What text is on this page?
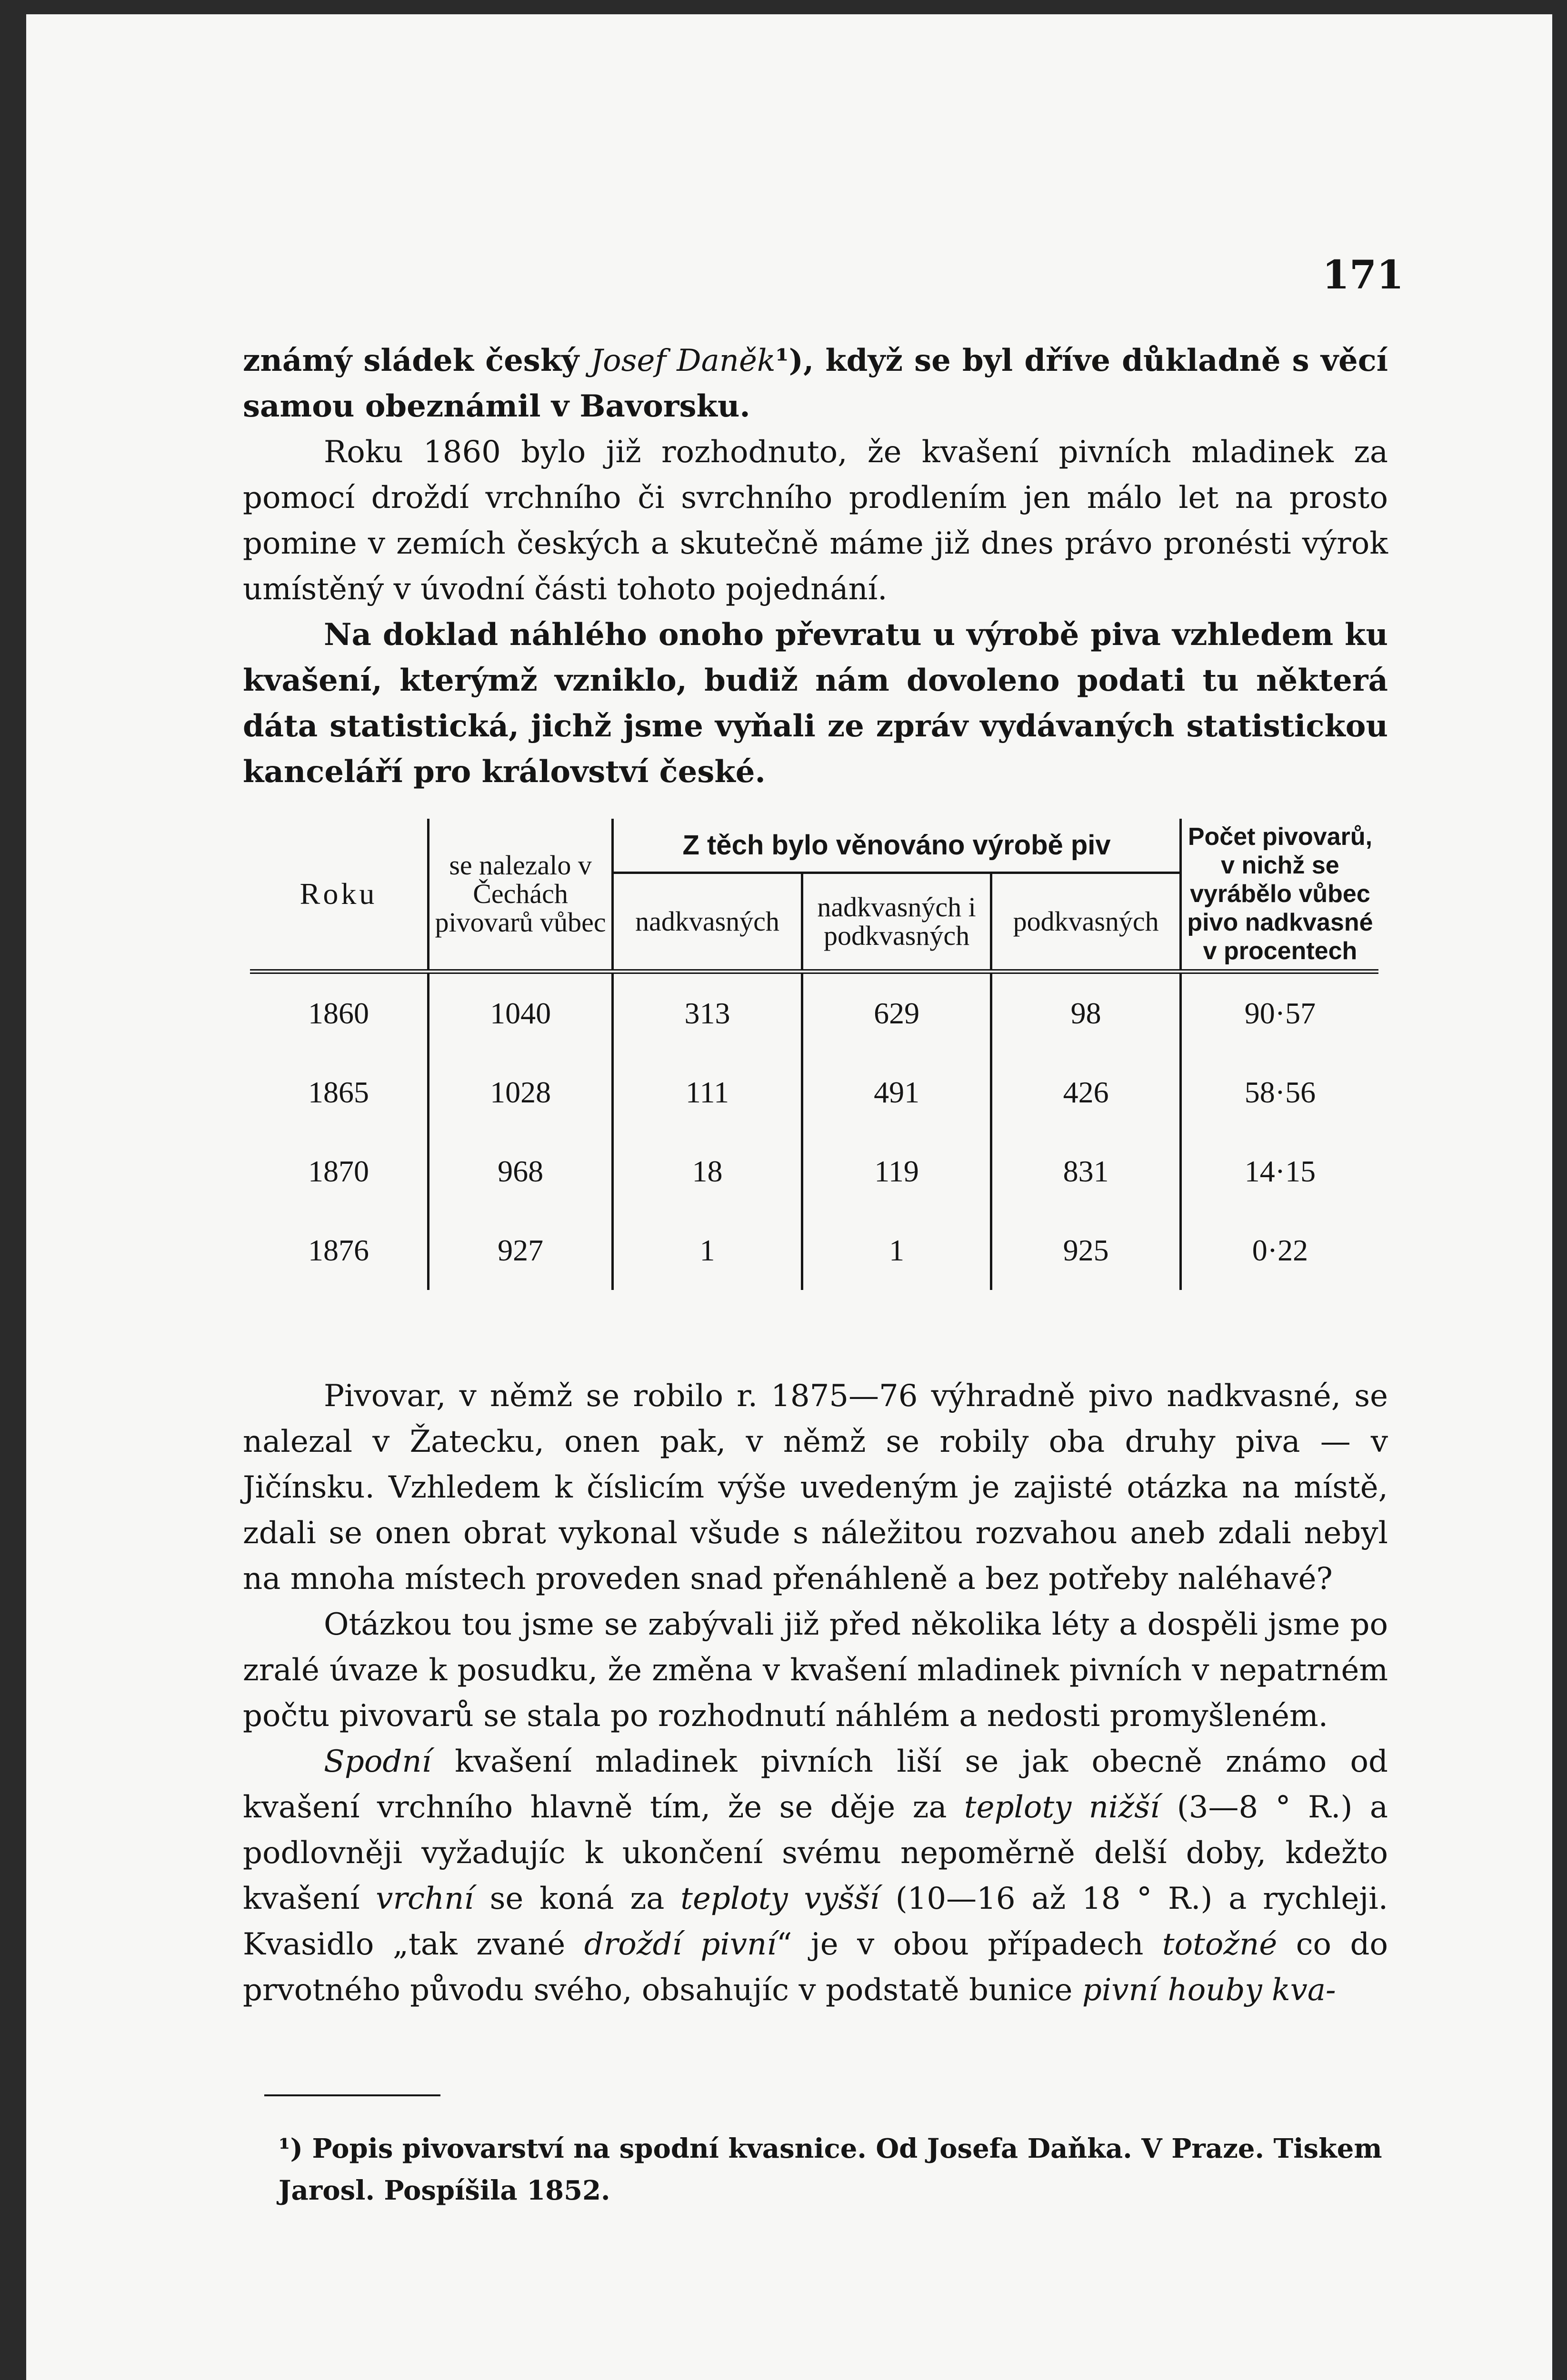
171

známý sládek český Josef Daněk¹), když se byl dříve důkladně s věcí samou obeznámil v Bavorsku.

Roku 1860 bylo již rozhodnuto, že kvašení pivních mladinek za pomocí droždí vrchního či svrchního prodlením jen málo let na prosto pomine v zemích českých a skutečně máme již dnes právo pronésti výrok umístěný v úvodní části tohoto pojednání.

Na doklad náhlého onoho převratu u výrobě piva vzhledem ku kvašení, kterýmž vzniklo, budiž nám dovoleno podati tu některá dáta statistická, jichž jsme vyňali ze zpráv vydávaných statistickou kanceláří pro království české.

Roku	se nalezalo v Čechách pivovarů vůbec	Z těch bylo věnováno výrobě piv			Počet pivovarů, v nichž se vyrábělo vůbec pivo nadkvasné v procentech
		nadkvasných	nadkvasných i podkvasných	podkvasných	
1860	1040	313	629	98	90·57
1865	1028	111	491	426	58·56
1870	968	18	119	831	14·15
1876	927	1	1	925	0·22

Pivovar, v němž se robilo r. 1875—76 výhradně pivo nadkvasné, se nalezal v Žatecku, onen pak, v němž se robily oba druhy piva — v Jičínsku. Vzhledem k číslicím výše uvedeným je zajisté otázka na místě, zdali se onen obrat vykonal všude s náležitou rozvahou aneb zdali nebyl na mnoha místech proveden snad přenáhleně a bez potřeby naléhavé?

Otázkou tou jsme se zabývali již před několika léty a dospěli jsme po zralé úvaze k posudku, že změna v kvašení mladinek pivních v nepatrném počtu pivovarů se stala po rozhodnutí náhlém a nedosti promyšleném.

Spodní kvašení mladinek pivních liší se jak obecně známo od kvašení vrchního hlavně tím, že se děje za teploty nižší (3—8 ° R.) a podlovněji vyžadujíc k ukončení svému nepoměrně delší doby, kdežto kvašení vrchní se koná za teploty vyšší (10—16 až 18 ° R.) a rychleji. Kvasidlo „tak zvané droždí pivní“ je v obou případech totožné co do prvotného původu svého, obsahujíc v podstatě bunice pivní houby kva-

¹) Popis pivovarství na spodní kvasnice. Od Josefa Daňka. V Praze. Tiskem Jarosl. Pospíšila 1852.
